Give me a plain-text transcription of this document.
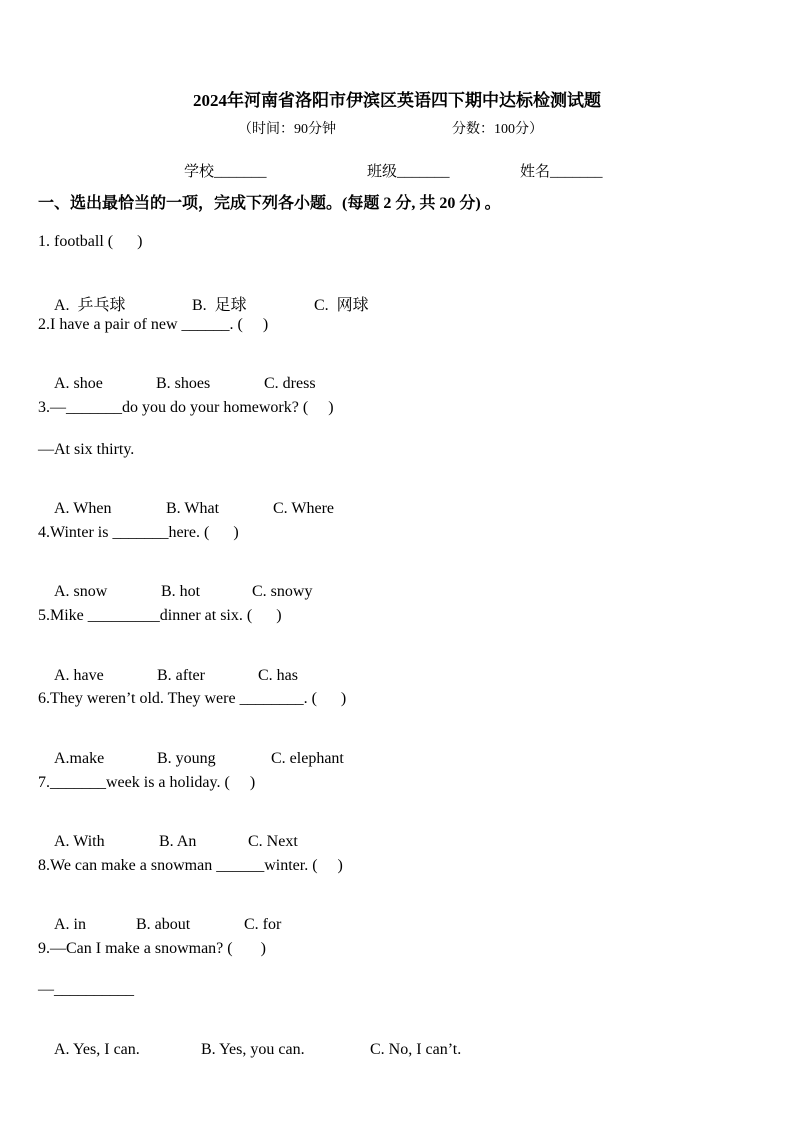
2024年河南省洛阳市伊滨区英语四下期中达标检测试题
（时间：90分钟	分数：100分）
学校_______	班级_______	姓名_______
一、选出最恰当的一项，完成下列各小题。(每题 2 分, 共 20 分) 。
1. football (      )

A.  乒乓球	B.  足球	C.  网球

2.I have a pair of new ______. (     )

A. shoe	B. shoes	C. dress

3.—_______do you do your homework? (     )
—At six thirty.

A. When	B. What	C. Where

4.Winter is _______here. (      )

A. snow	B. hot	C. snowy

5.Mike _________dinner at six. (      )

A. have	B. after	C. has

6.They weren’t old. They were ________. (      )

A.make	B. young	C. elephant

7._______week is a holiday. (     )

A. With	B. An	C. Next

8.We can make a snowman ______winter. (     )

A. in	B. about	C. for

9.—Can I make a snowman? (       )
—__________

A. Yes, I can.	B. Yes, you can.	C. No, I can’t.
